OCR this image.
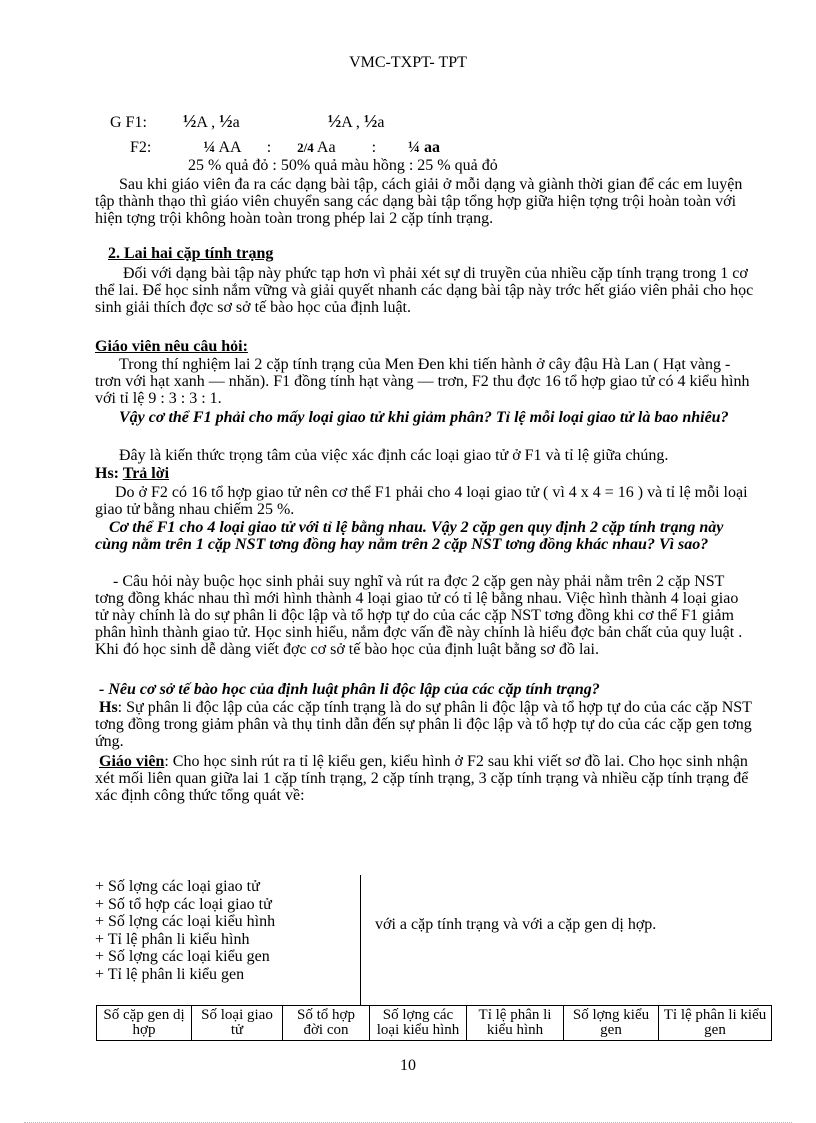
VMC-TXPT- TPT
G F1: ½A , ½a	½A , ½a
F2:	¼ AA : 2/4 Aa : ¼ aa
25 % quả đỏ : 50% quả màu hồng : 25 % quả đỏ
Sau khi giáo viên đa ra các dạng bài tập, cách giải ở mỗi dạng và giành thời gian để các em luyện tập thành thạo thì giáo viên chuyển sang các dạng bài tập tổng hợp giữa hiện tợng trội hoàn toàn với hiện tợng trội không hoàn toàn trong phép lai 2 cặp tính trạng.
2. Lai hai cặp tính trạng
Đối với dạng bài tập này phức tạp hơn vì phải xét sự di truyền của nhiều cặp tính trạng trong 1 cơ thể lai. Để học sinh nắm vững và giải quyết nhanh các dạng bài tập này trớc hết giáo viên phải cho học sinh giải thích đợc sơ sở tế bào học của định luật.
Giáo viên nêu câu hỏi:
Trong thí nghiệm lai 2 cặp tính trạng của Men Đen khi tiến hành ở cây đậu Hà Lan ( Hạt vàng - trơn với hạt xanh — nhăn). F1 đồng tính hạt vàng — trơn, F2 thu đợc 16 tổ hợp giao tử có 4 kiểu hình với tỉ lệ 9 : 3 : 3 : 1.
Vậy cơ thể F1 phải cho mấy loại giao tử khi giảm phân? Tỉ lệ mỗi loại giao tử là bao nhiêu?
Đây là kiến thức trọng tâm của việc xác định các loại giao tử ở F1 và tỉ lệ giữa chúng.
Hs: Trả lời
Do ở F2 có 16 tổ hợp giao tử nên cơ thể F1 phải cho 4 loại giao tử ( vì 4 x 4 = 16 ) và tỉ lệ mỗi loại giao tử bằng nhau chiếm 25 %.
Cơ thể F1 cho 4 loại giao tử với tỉ lệ bằng nhau. Vậy 2 cặp gen quy định 2 cặp tính trạng này cùng nằm trên 1 cặp NST tơng đồng hay nằm trên 2 cặp NST tơng đồng khác nhau? Vì sao?
- Câu hỏi này buộc học sinh phải suy nghĩ và rút ra đợc 2 cặp gen này phải nằm trên 2 cặp NST tơng đồng khác nhau thì mới hình thành 4 loại giao tử có tỉ lệ bằng nhau. Việc hình thành 4 loại giao tử này chính là do sự phân li độc lập và tổ hợp tự do của các cặp NST tơng đồng khi cơ thể F1 giảm phân hình thành giao tử. Học sinh hiểu, nắm đợc vấn đề này chính là hiểu đợc bản chất của quy luật . Khi đó học sinh dễ dàng viết đợc cơ sở tế bào học của định luật bằng sơ đồ lai.
- Nêu cơ sở tế bào học của định luật phân li độc lập của các cặp tính trạng?
Hs: Sự phân li độc lập của các cặp tính trạng là do sự phân li độc lập và tổ hợp tự do của các cặp NST tơng đồng trong giảm phân và thụ tinh dẫn đến sự phân li độc lập và tổ hợp tự do của các cặp gen tơng ứng.
Giáo viên: Cho học sinh rút ra tỉ lệ kiểu gen, kiểu hình ở F2 sau khi viết sơ đồ lai. Cho học sinh nhận xét mối liên quan giữa lai 1 cặp tính trạng, 2 cặp tính trạng, 3 cặp tính trạng và nhiều cặp tính trạng để xác định công thức tổng quát về:
+ Số lợng các loại giao tử
+ Số tổ hợp các loại giao tử
+ Số lợng các loại kiểu hình
+ Tỉ lệ phân li kiểu hình
+ Số lợng các loại kiểu gen
+ Tỉ lệ phân li kiểu gen
với a cặp tính trạng và với a cặp gen dị hợp.
Số cặp gen dị hợp	Số loại giao tử	Số tổ hợp đời con	Số lợng các loại kiểu hình	Tỉ lệ phân li kiểu hình	Số lợng kiểu gen	Tỉ lệ phân li kiểu gen
10
